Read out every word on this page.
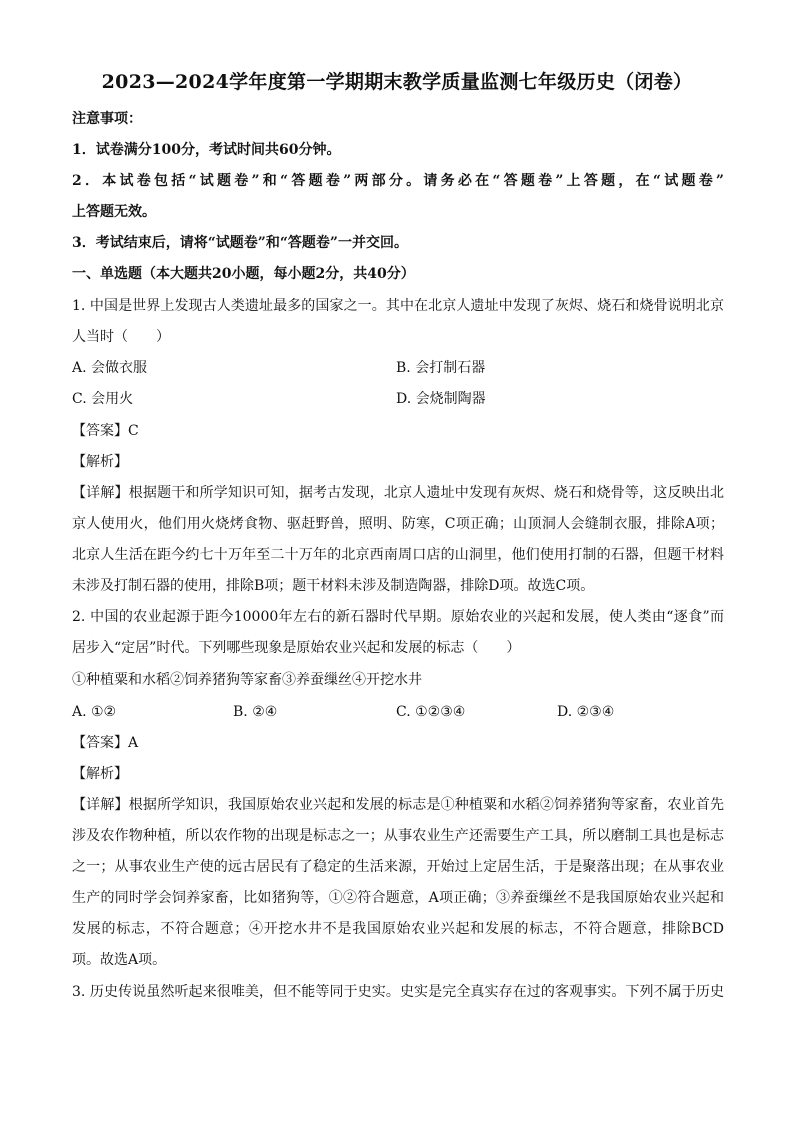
2023—2024学年度第一学期期末教学质量监测七年级历史（闭卷）
注意事项：
1．试卷满分100分，考试时间共60分钟。
2．本试卷包括“试题卷”和“答题卷”两部分。请务必在“答题卷”上答题，在“试题卷”
上答题无效。
3．考试结束后，请将“试题卷”和“答题卷”一并交回。
一、单选题（本大题共20小题，每小题2分，共40分）
1. 中国是世界上发现古人类遗址最多的国家之一。其中在北京人遗址中发现了灰烬、烧石和烧骨说明北京
人当时（　　）
A. 会做衣服	B. 会打制石器
C. 会用火	D. 会烧制陶器
【答案】C
【解析】
【详解】根据题干和所学知识可知，据考古发现，北京人遗址中发现有灰烬、烧石和烧骨等，这反映出北
京人使用火，他们用火烧烤食物、驱赶野兽，照明、防寒，C项正确；山顶洞人会缝制衣服，排除A项；
北京人生活在距今约七十万年至二十万年的北京西南周口店的山洞里，他们使用打制的石器，但题干材料
未涉及打制石器的使用，排除B项；题干材料未涉及制造陶器，排除D项。故选C项。
2. 中国的农业起源于距今10000年左右的新石器时代早期。原始农业的兴起和发展，使人类由“逐食”而
居步入“定居”时代。下列哪些现象是原始农业兴起和发展的标志（　　）
①种植粟和水稻②饲养猪狗等家畜③养蚕缫丝④开挖水井
A. ①②	B. ②④	C. ①②③④	D. ②③④
【答案】A
【解析】
【详解】根据所学知识，我国原始农业兴起和发展的标志是①种植粟和水稻②饲养猪狗等家畜，农业首先
涉及农作物种植，所以农作物的出现是标志之一；从事农业生产还需要生产工具，所以磨制工具也是标志
之一；从事农业生产使的远古居民有了稳定的生活来源，开始过上定居生活，于是聚落出现；在从事农业
生产的同时学会饲养家畜，比如猪狗等，①②符合题意，A项正确；③养蚕缫丝不是我国原始农业兴起和
发展的标志，不符合题意；④开挖水井不是我国原始农业兴起和发展的标志，不符合题意，排除BCD
项。故选A项。
3. 历史传说虽然听起来很唯美，但不能等同于史实。史实是完全真实存在过的客观事实。下列不属于历史
